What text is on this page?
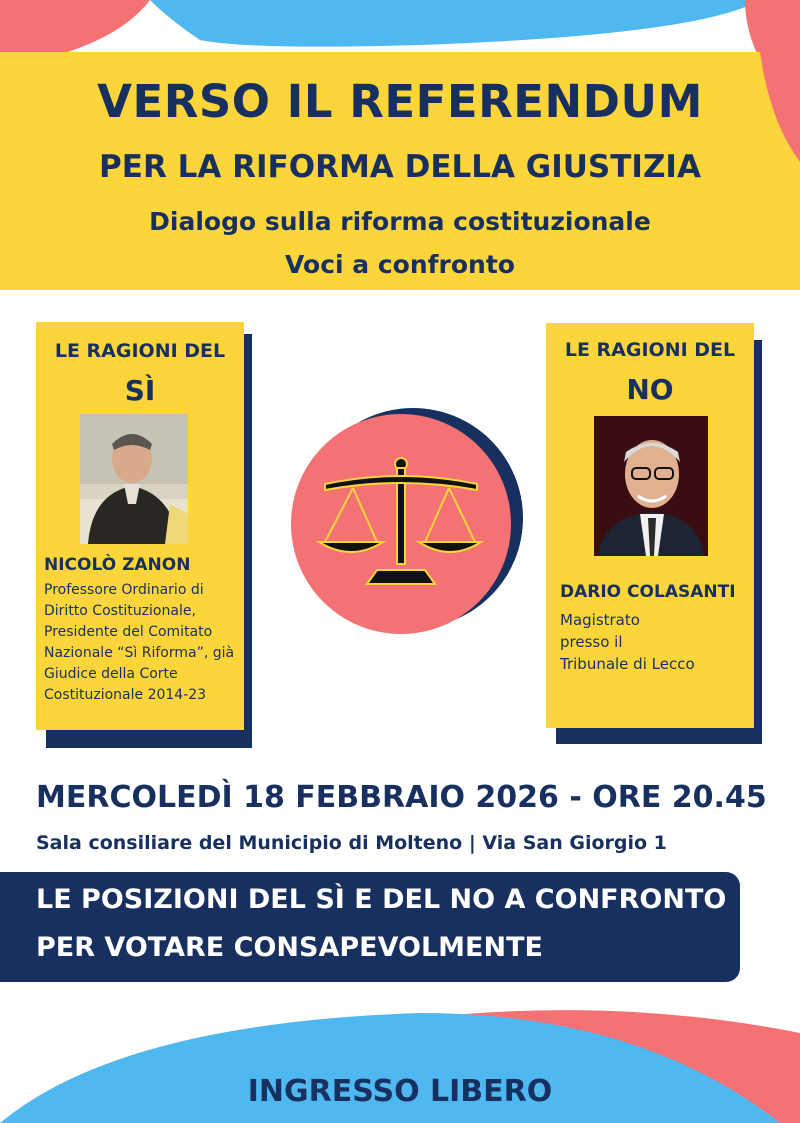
VERSO IL REFERENDUM
PER LA RIFORMA DELLA GIUSTIZIA
Dialogo sulla riforma costituzionale
Voci a confronto
LE RAGIONI DEL
SÌ
NICOLÒ ZANON
Professore Ordinario di
Diritto Costituzionale,
Presidente del Comitato
Nazionale “Sì Riforma”, già
Giudice della Corte
Costituzionale 2014-23
LE RAGIONI DEL
NO
DARIO COLASANTI
Magistrato
presso il
Tribunale di Lecco
MERCOLEDÌ 18 FEBBRAIO 2026 - ORE 20.45
Sala consiliare del Municipio di Molteno | Via San Giorgio 1
LE POSIZIONI DEL SÌ E DEL NO A CONFRONTO
PER VOTARE CONSAPEVOLMENTE
INGRESSO LIBERO
